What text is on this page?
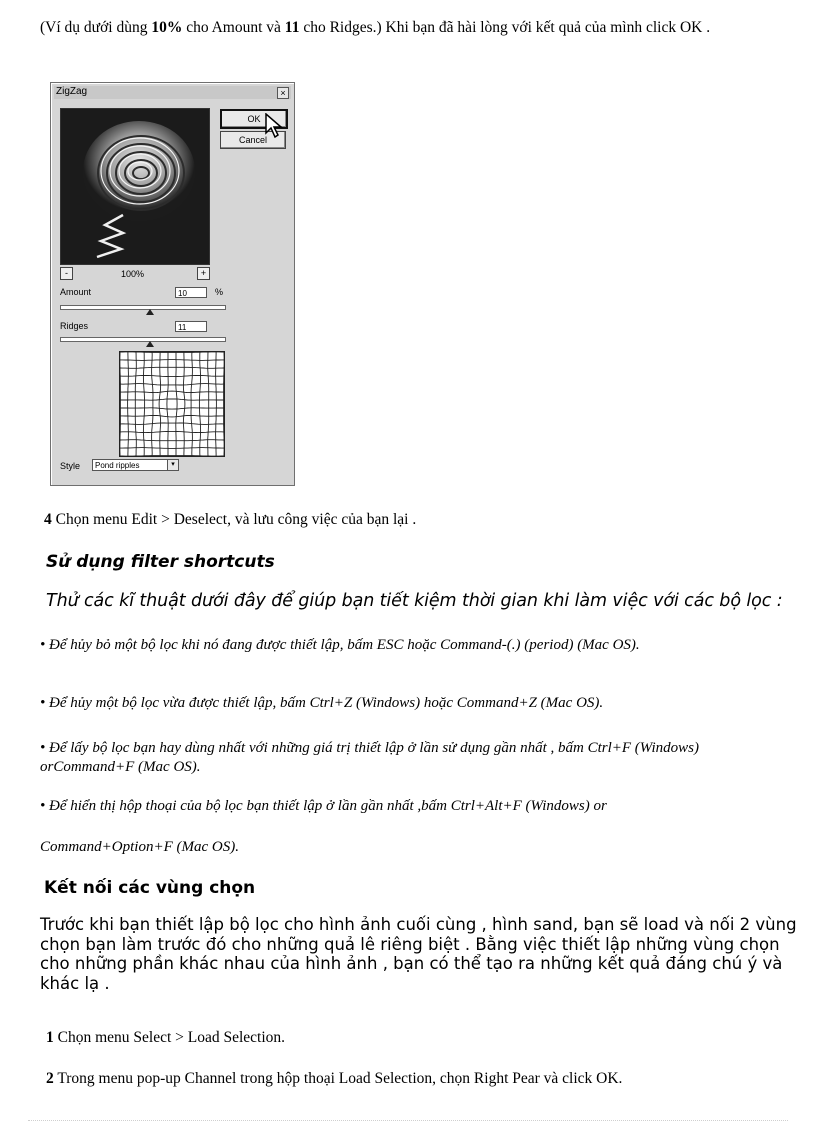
(Ví dụ dưới dùng 10% cho Amount và 11 cho Ridges.) Khi bạn đã hài lòng với kết quả của mình click OK .
ZigZag	×
OK
Cancel
-	100%	+
Amount	10	%
Ridges	11
Style	Pond ripples	▾
4 Chọn menu Edit > Deselect, và lưu công việc của bạn lại .
Sử dụng filter shortcuts
Thử các kĩ thuật dưới đây để giúp bạn tiết kiệm thời gian khi làm việc với các bộ lọc :
• Để hủy bỏ một bộ lọc khi nó đang được thiết lập, bấm ESC hoặc Command-(.) (period) (Mac OS).
• Để hủy một bộ lọc vừa được thiết lập, bấm Ctrl+Z (Windows) hoặc Command+Z (Mac OS).
• Để lấy bộ lọc bạn hay dùng nhất với những giá trị thiết lập ở lần sử dụng gần nhất , bấm Ctrl+F (Windows) orCommand+F (Mac OS).
• Để hiển thị hộp thoại của bộ lọc bạn thiết lập ở lần gần nhất ,bấm Ctrl+Alt+F (Windows) or
Command+Option+F (Mac OS).
Kết nối các vùng chọn
Trước khi bạn thiết lập bộ lọc cho hình ảnh cuối cùng , hình sand, bạn sẽ load và nối 2 vùng chọn bạn làm trước đó cho những quả lê riêng biệt . Bằng việc thiết lập những vùng chọn cho những phần khác nhau của hình ảnh , bạn có thể tạo ra những kết quả đáng chú ý và khác lạ .
1 Chọn menu Select > Load Selection.
2 Trong menu pop-up Channel trong hộp thoại Load Selection, chọn Right Pear và click OK.
